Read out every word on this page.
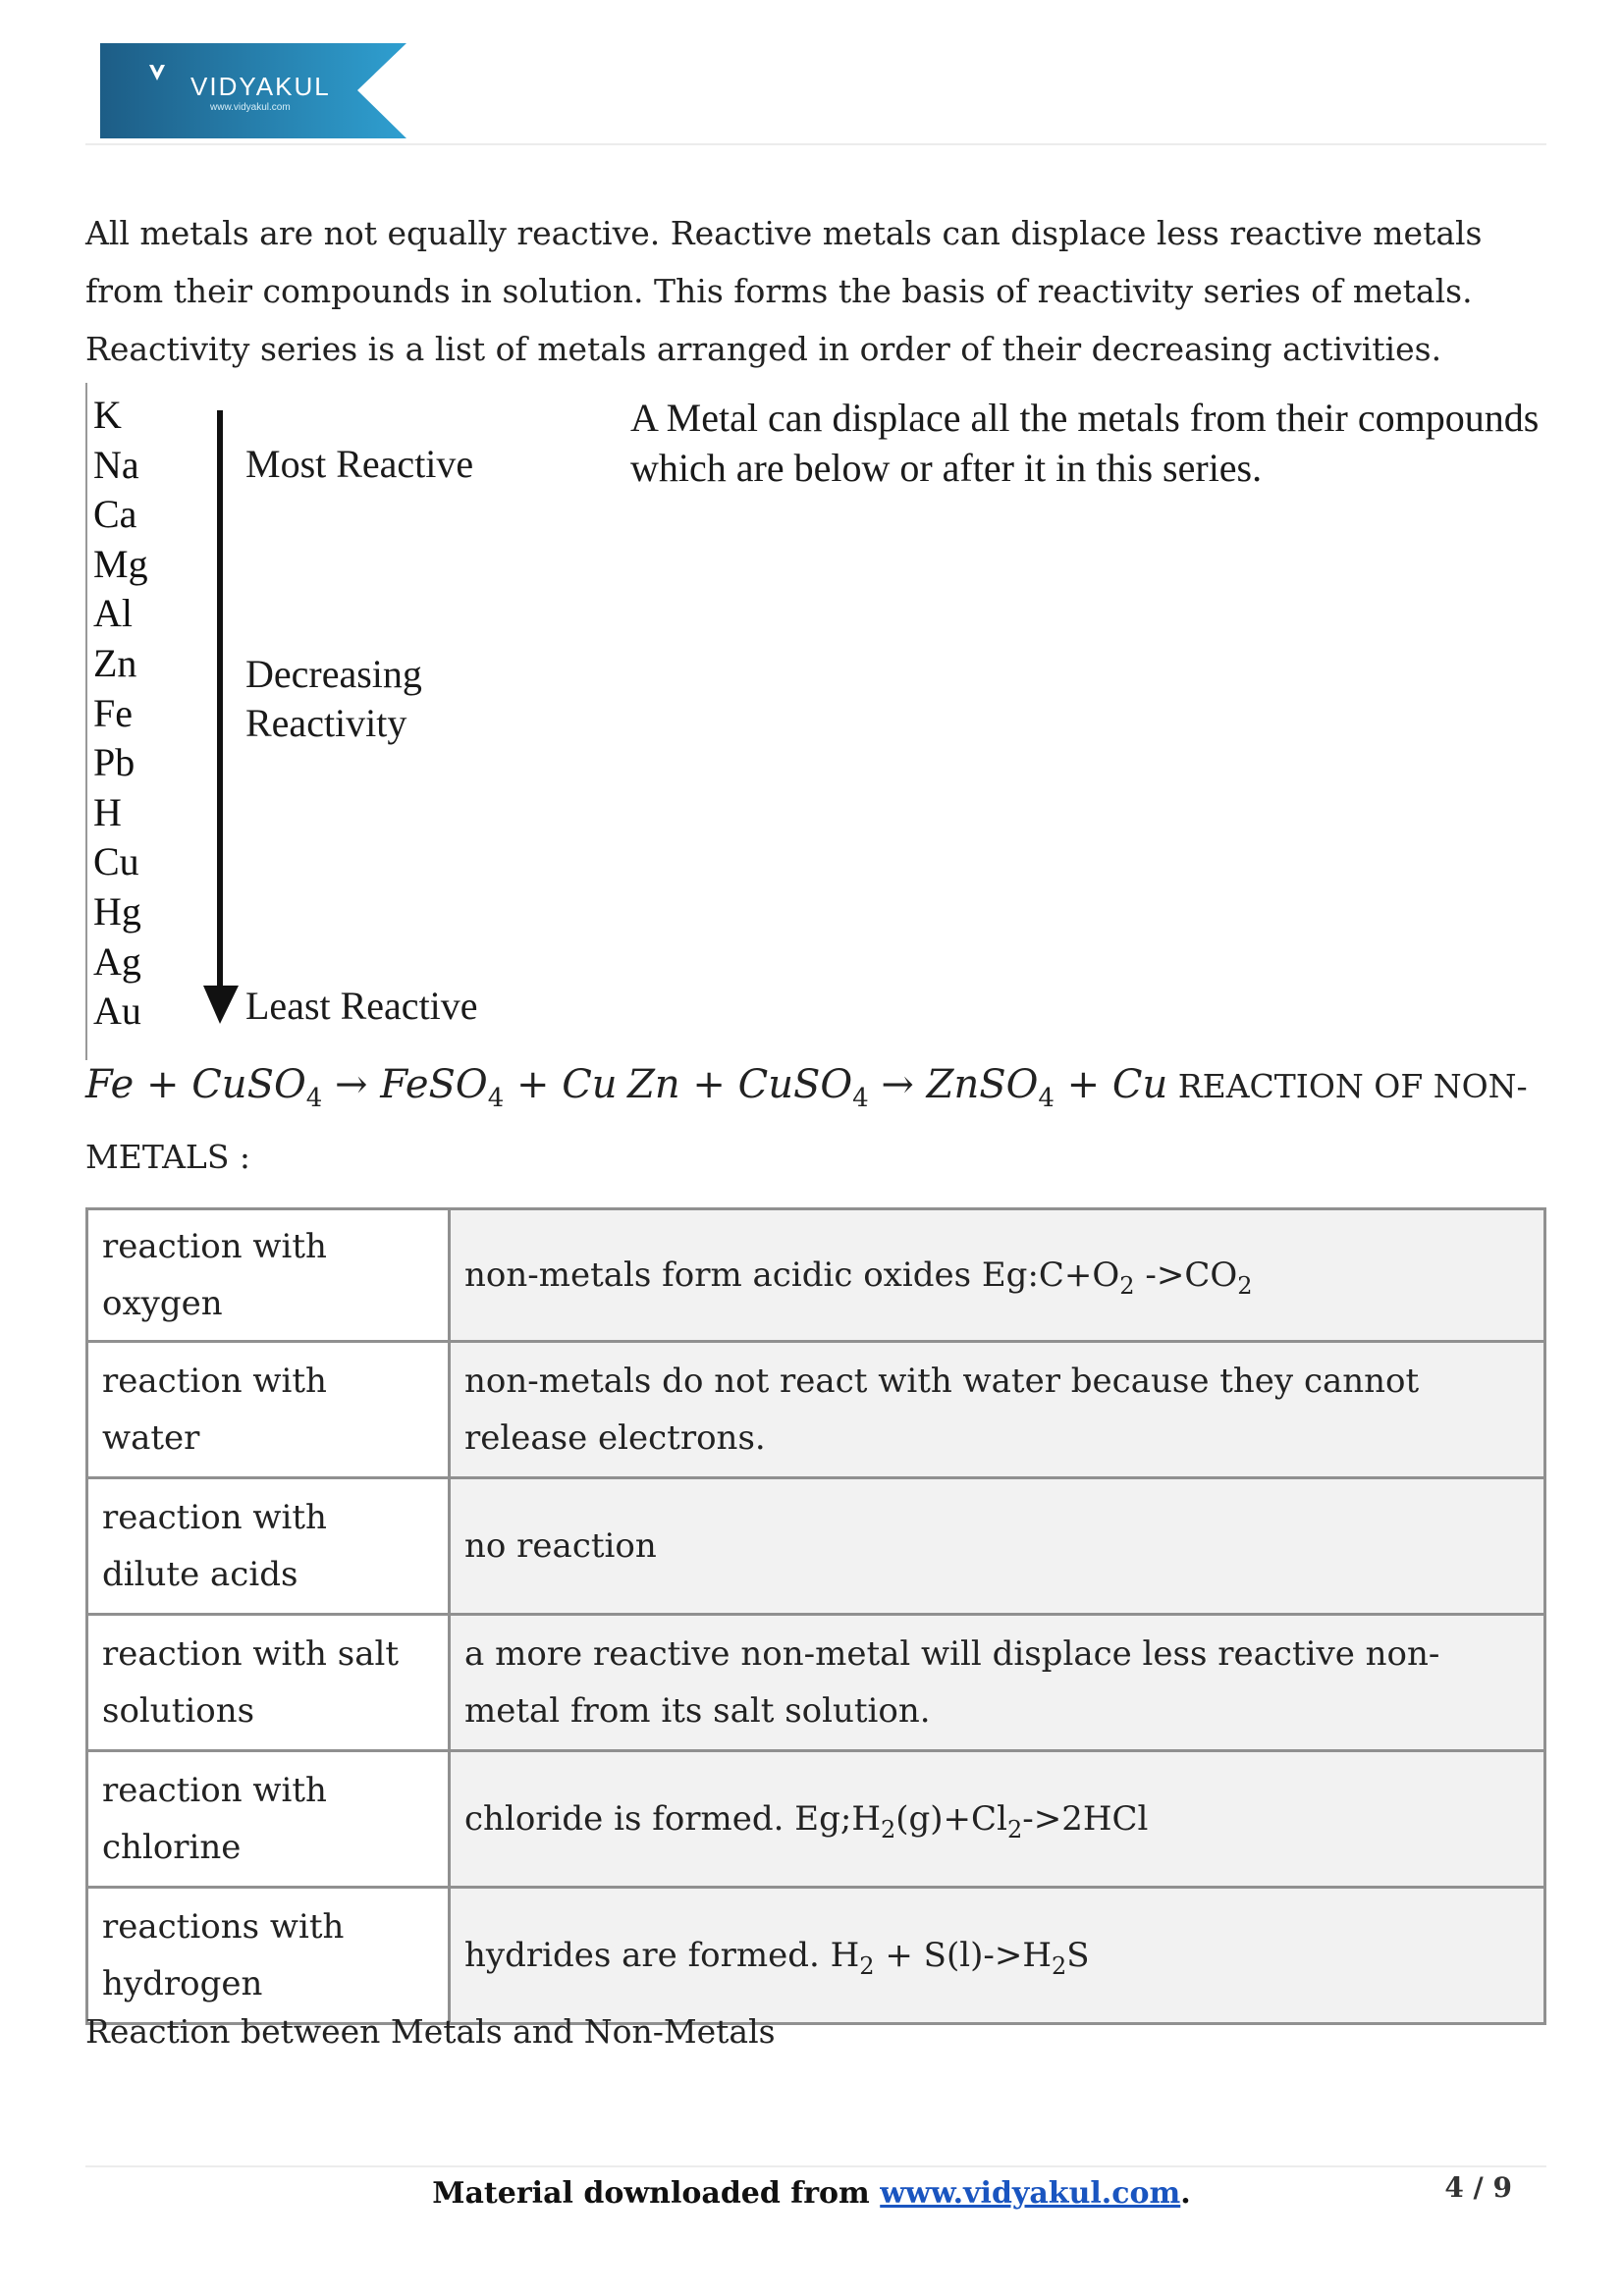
VIDYAKUL
www.vidyakul.com

All metals are not equally reactive. Reactive metals can displace less reactive metals from their compounds in solution. This forms the basis of reactivity series of metals. Reactivity series is a list of metals arranged in order of their decreasing activities.

K
Na
Ca
Mg
Al
Zn
Fe
Pb
H
Cu
Hg
Ag
Au

Most Reactive

Decreasing Reactivity

Least Reactive

A Metal can displace all the metals from their compounds which are below or after it in this series.

Fe + CuSO$_4$ → FeSO$_4$ + Cu Zn + CuSO$_4$ → ZnSO$_4$ + Cu REACTION OF NON-METALS :

reaction with oxygen	non-metals form acidic oxides $Eg:C+O_2$ $->CO_2$
reaction with water	non-metals do not react with water because they cannot release electrons.
reaction with dilute acids	no reaction
reaction with salt solutions	a more reactive non-metal will displace less reactive non-metal from its salt solution.
reaction with chlorine	chloride is formed. $Eg;H_2(g)+Cl_2->2HCl$
reactions with hydrogen	hydrides are formed. $H_2 + S(l)->H_2S$

Reaction between Metals and Non-Metals

Material downloaded from www.vidyakul.com.	4 / 9
